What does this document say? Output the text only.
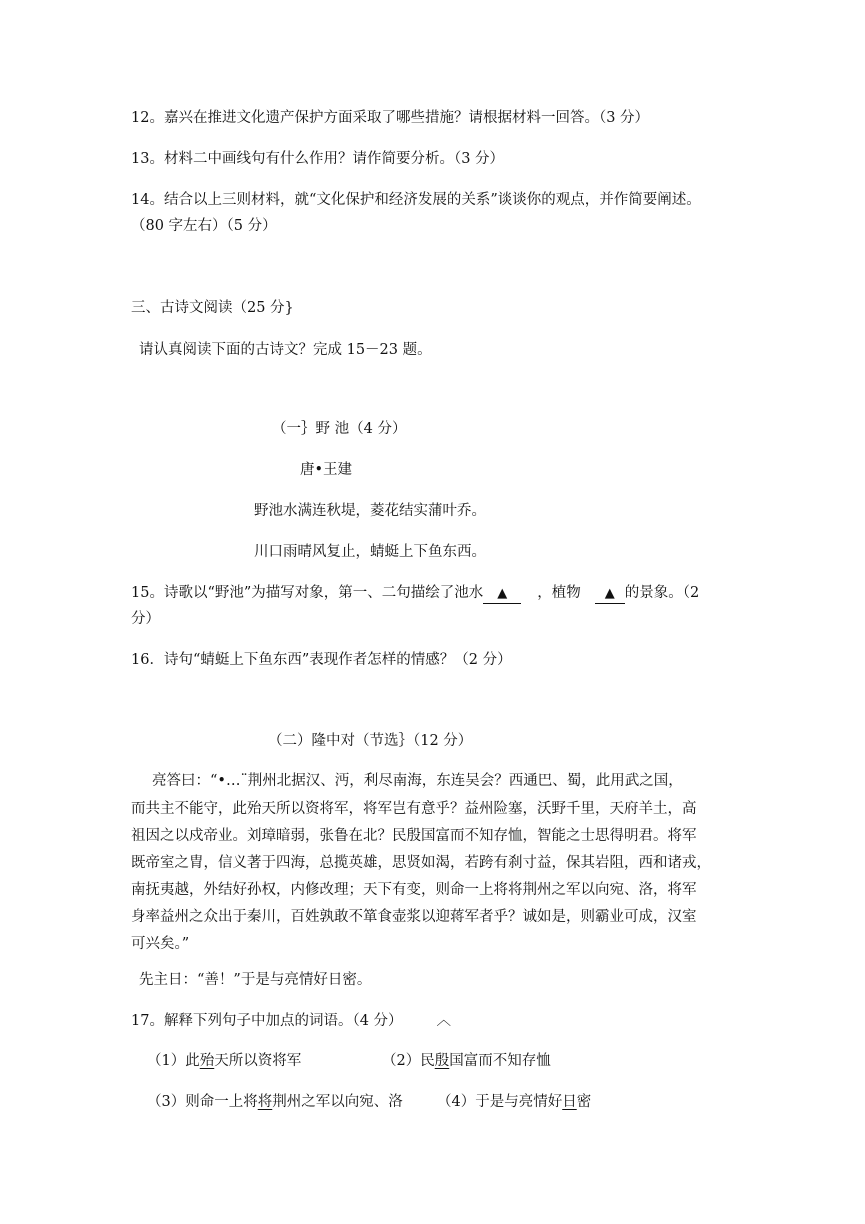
12。嘉兴在推进文化遗产保护方面采取了哪些措施？请根据材料一回答。（3 分）
13。材料二中画线句有什么作用？请作简要分析。（3 分）
14。结合以上三则材料，就“文化保护和经济发展的关系”谈谈你的观点，并作简要阐述。
（80 字左右）（5 分）
三、古诗文阅读（25 分}
请认真阅读下面的古诗文？完成 15－23 题。
（一｝野 池（4 分）
唐•王建
野池水满连秋堤，菱花结实蒲叶乔。
川口雨晴风复止，蜻蜓上下鱼东西。
15。诗歌以“野池”为描写对象，第一、二句描绘了池水 ▲ ，植物 ▲ 的景象。（2
分）
16．诗句“蜻蜓上下鱼东西”表现作者怎样的情感？（2 分）
（二）隆中对（节选｝（12 分）
亮答曰：“•…¨荆州北据汉、沔，利尽南海，东连吴会？西通巴、蜀，此用武之国，
而共主不能守，此殆天所以资将军，将军岂有意乎？益州险塞，沃野千里，天府羊土，高
祖因之以戍帝业。刘璋暗弱，张鲁在北？民殷国富而不知存恤，智能之士思得明君。将军
既帝室之胄，信义著于四海，总揽英雄，思贤如渴，若跨有刹寸益，保其岩阻，西和诸戎，
南抚夷越，外结好孙权，内修改理；天下有变，则命一上将将荆州之军以向宛、洛，将军
身率益州之众出于秦川，百姓孰敢不箪食壶浆以迎蒋军者乎？诚如是，则霸业可成，汉室
可兴矣。”
先主日：“善！”于是与亮情好日密。
17。解释下列句子中加点的词语。（4 分） ︿
（1）此殆天所以资将军	（2）民殷国富而不知存恤
（3）则命一上将将荆州之军以向宛、洛 （4）于是与亮情好日密
